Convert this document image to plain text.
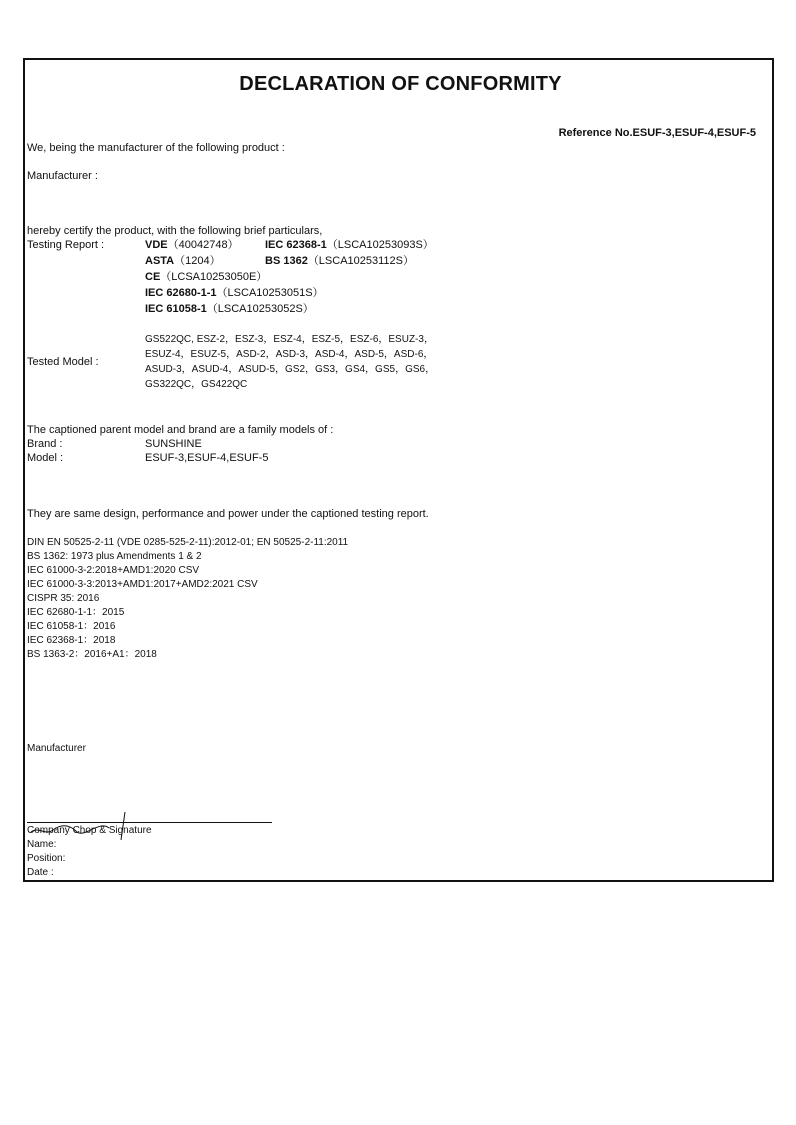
DECLARATION OF CONFORMITY
Reference No.ESUF-3,ESUF-4,ESUF-5
We, being the manufacturer of the following product :
Manufacturer :
hereby certify the product, with the following brief particulars,
Testing Report :	VDE（40042748） IEC 62368-1（LSCA10253093S）
ASTA（1204）	BS 1362（LSCA10253112S）
CE（LCSA10253050E）
IEC 62680-1-1（LSCA10253051S）
IEC 61058-1（LSCA10253052S）
GS522QC, ESZ-2，ESZ-3，ESZ-4，ESZ-5，ESZ-6，ESUZ-3，
ESUZ-4，ESUZ-5，ASD-2，ASD-3，ASD-4，ASD-5，ASD-6，
Tested Model :
ASUD-3，ASUD-4，ASUD-5，GS2，GS3，GS4，GS5，GS6，
GS322QC，GS422QC
The captioned parent model and brand are a family models of :
Brand :	SUNSHINE
Model :	ESUF-3,ESUF-4,ESUF-5
They are same design, performance and power under the captioned testing report.
DIN EN 50525-2-11 (VDE 0285-525-2-11):2012-01; EN 50525-2-11:2011
BS 1362: 1973 plus Amendments 1 & 2
IEC 61000-3-2:2018+AMD1:2020 CSV
IEC 61000-3-3:2013+AMD1:2017+AMD2:2021 CSV
CISPR 35: 2016
IEC 62680-1-1：2015
IEC 61058-1：2016
IEC 62368-1：2018
BS 1363-2：2016+A1：2018
Manufacturer
Company Chop & Signature
Name:
Position:
Date :
